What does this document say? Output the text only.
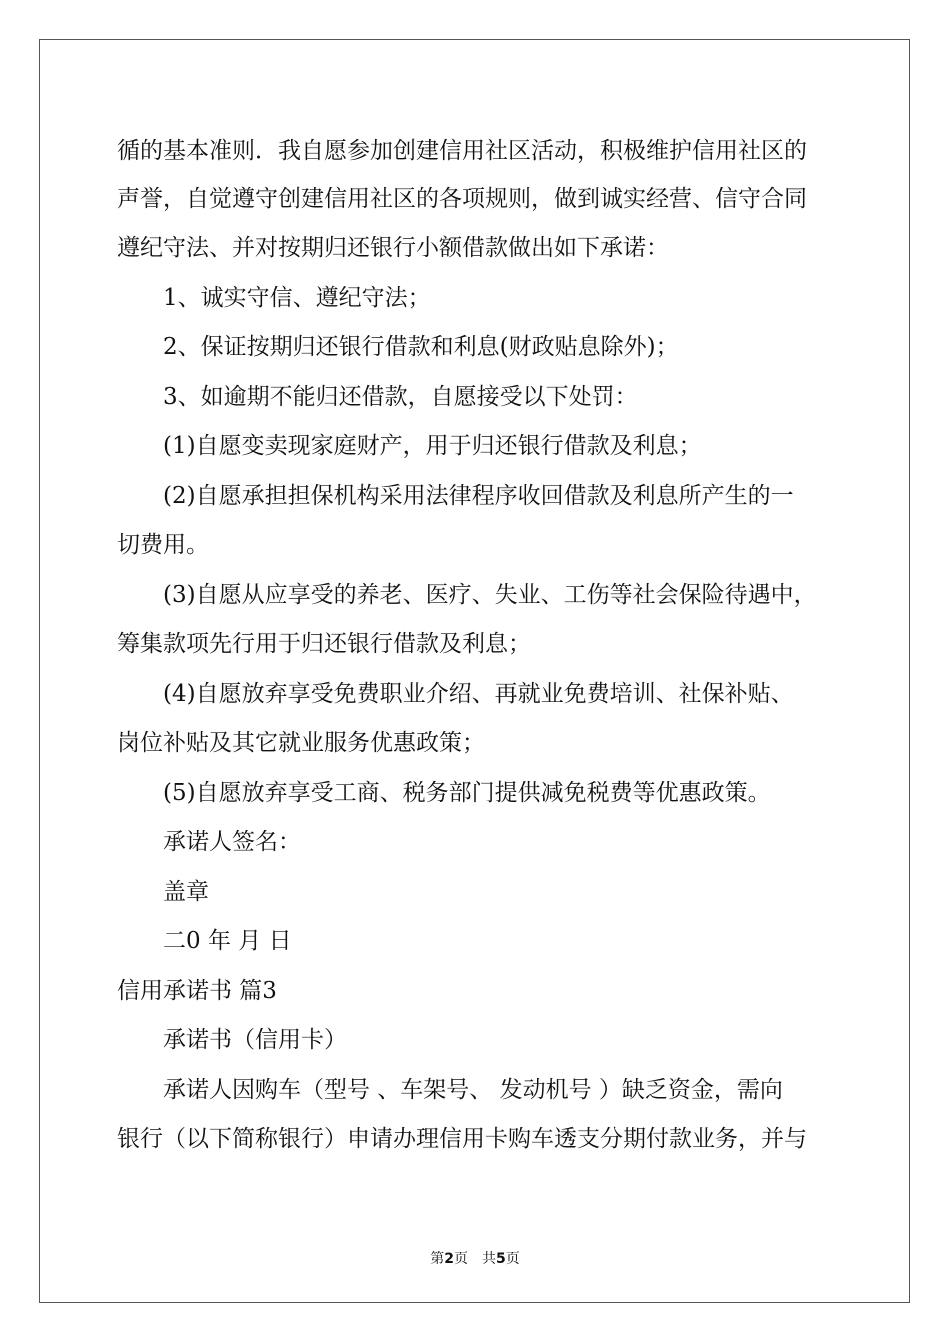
循的基本准则．我自愿参加创建信用社区活动，积极维护信用社区的
声誉，自觉遵守创建信用社区的各项规则，做到诚实经营、信守合同
遵纪守法、并对按期归还银行小额借款做出如下承诺：
1、诚实守信、遵纪守法；
2、保证按期归还银行借款和利息(财政贴息除外)；
3、如逾期不能归还借款，自愿接受以下处罚：
(1)自愿变卖现家庭财产，用于归还银行借款及利息；
(2)自愿承担担保机构采用法律程序收回借款及利息所产生的一
切费用。
(3)自愿从应享受的养老、医疗、失业、工伤等社会保险待遇中，
筹集款项先行用于归还银行借款及利息；
(4)自愿放弃享受免费职业介绍、再就业免费培训、社保补贴、
岗位补贴及其它就业服务优惠政策；
(5)自愿放弃享受工商、税务部门提供减免税费等优惠政策。
承诺人签名：
盖章
二0 年 月 日
信用承诺书 篇3
承诺书（信用卡）
承诺人因购车（型号 、车架号、 发动机号 ）缺乏资金，需向
银行（以下简称银行）申请办理信用卡购车透支分期付款业务，并与
第2页　共5页
